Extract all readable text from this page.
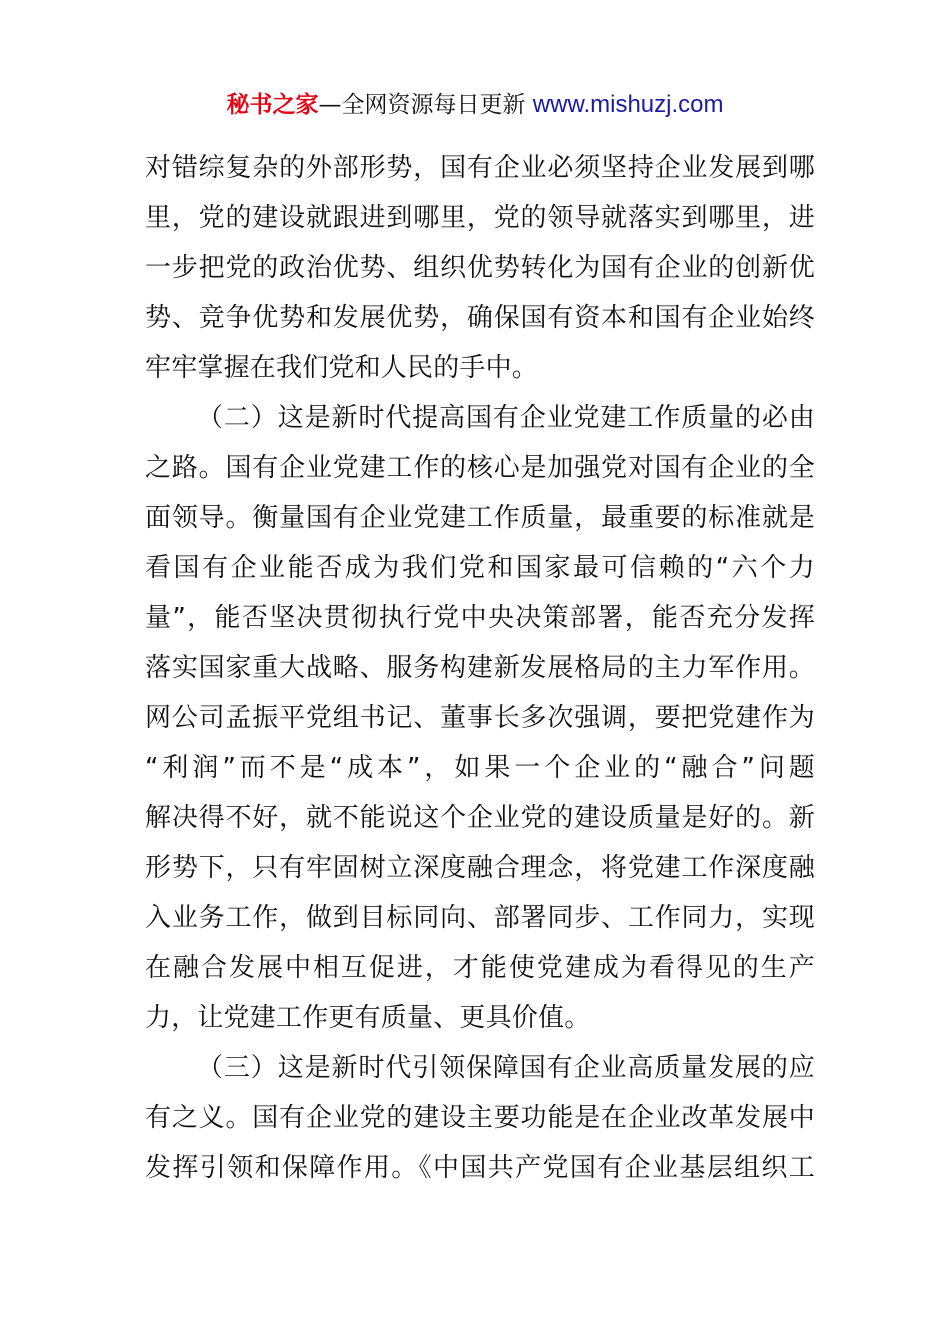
秘书之家—全网资源每日更新 www.mishuzj.com
对错综复杂的外部形势，国有企业必须坚持企业发展到哪
里，党的建设就跟进到哪里，党的领导就落实到哪里，进
一步把党的政治优势、组织优势转化为国有企业的创新优
势、竞争优势和发展优势，确保国有资本和国有企业始终
牢牢掌握在我们党和人民的手中。
（二）这是新时代提高国有企业党建工作质量的必由
之路。国有企业党建工作的核心是加强党对国有企业的全
面领导。衡量国有企业党建工作质量，最重要的标准就是
看国有企业能否成为我们党和国家最可信赖的“六个力
量”，能否坚决贯彻执行党中央决策部署，能否充分发挥
落实国家重大战略、服务构建新发展格局的主力军作用。
网公司孟振平党组书记、董事长多次强调，要把党建作为
“利润”而不是“成本”，如果一个企业的“融合”问题
解决得不好，就不能说这个企业党的建设质量是好的。新
形势下，只有牢固树立深度融合理念，将党建工作深度融
入业务工作，做到目标同向、部署同步、工作同力，实现
在融合发展中相互促进，才能使党建成为看得见的生产
力，让党建工作更有质量、更具价值。
（三）这是新时代引领保障国有企业高质量发展的应
有之义。国有企业党的建设主要功能是在企业改革发展中
发挥引领和保障作用。《中国共产党国有企业基层组织工
